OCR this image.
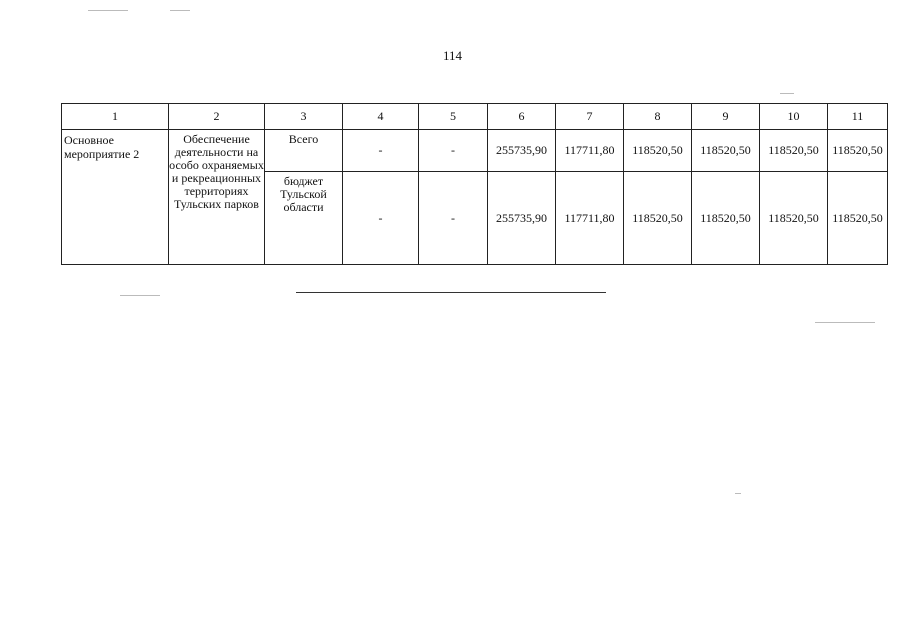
114
1	2	3	4	5	6	7	8	9	10	11
Основное мероприятие 2	Обеспечение деятельности на особо охраняемых и рекреационных территориях Тульских парков	Всего	-	-	255735,90	117711,80	118520,50	118520,50	118520,50	118520,50
		бюджет Тульской области	-	-	255735,90	117711,80	118520,50	118520,50	118520,50	118520,50
